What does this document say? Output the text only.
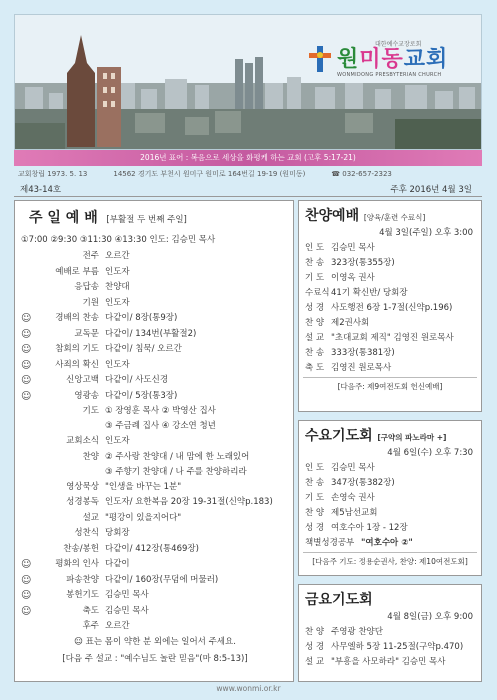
대한예수교장로회
원미동교회
WONMIDONG PRESBYTERIAN CHURCH
2016년 표어 : 복음으로 세상을 화평케 하는 교회 (고후 5:17-21)
교회창립 1973. 5. 13	14562 경기도 부천시 원미구 원미로 164번길 19-19 (원미동)	☎ 032-657-2323
제43-14호	주후 2016년 4월 3일
주 일 예 배 [부활절 두 번째 주일]
①7:00 ②9:30 ③11:30 ④13:30 인도: 김승민 목사
전주 오르간
예배로 부름 인도자
응답송 찬양대
기원 인도자
☺	경배의 찬송 다같이/ 8장(통9장)
☺	교독문 다같이/ 134번(부활절2)
☺	참회의 기도 다같이/ 침묵/ 오르간
☺	사죄의 확신 인도자
☺	신앙고백 다같이/ 사도신경
☺	영광송 다같이/ 5장(통3장)
기도 ① 장영훈 목사 ② 박영산 집사
③ 주금례 집사 ④ 강소연 청년
교회소식 인도자
찬양 ② 주사랑 찬양대 / 내 맘에 한 노래있어
③ 주향기 찬양대 / 나 주를 찬양하리라
영상묵상 "인생을 바꾸는 1분"
성경봉독 인도자/ 요한복음 20장 19-31절(신약p.183)
설교 "평강이 있을지어다"
성찬식 당회장
찬송/봉헌 다같이/ 412장(통469장)
☺	평화의 인사 다같이
☺	파송찬양 다같이/ 160장(무덤에 머물러)
☺	봉헌기도 김승민 목사
☺	축도 김승민 목사
후주 오르간
☺ 표는 몸이 약한 분 외에는 일어서 주세요.
[다음 주 설교 : "예수님도 놀란 믿음"(마 8:5-13)]
찬양예배 [양육/훈련 수료식]
4월 3일(주일) 오후 3:00
인 도 김승민 목사
찬 송 323장(통355장)
기 도 이영옥 권사
수료식 41기 확신반/ 당회장
성 경 사도행전 6장 1-7절(신약p.196)
찬 양 제2권사회
설 교 "초대교회 제직" 김영진 원로목사
찬 송 333장(통381장)
축 도 김영진 원로목사
[다음주: 제9여전도회 헌신예배]
수요기도회 [구약의 파노라마 +]
4월 6일(수) 오후 7:30
인 도 김승민 목사
찬 송 347장(통382장)
기 도 손영숙 권사
찬 양 제5남선교회
성 경 여호수아 1장 - 12장
책별성경공부 "여호수아 ②"
[다음주 기도: 정용순권사, 찬양: 제10여전도회]
금요기도회
4월 8일(금) 오후 9:00
찬 양 주영광 찬양단
성 경 사무엘하 5장 11-25절(구약p.470)
설 교 "부흥을 사모하라" 김승민 목사
www.wonmi.or.kr
